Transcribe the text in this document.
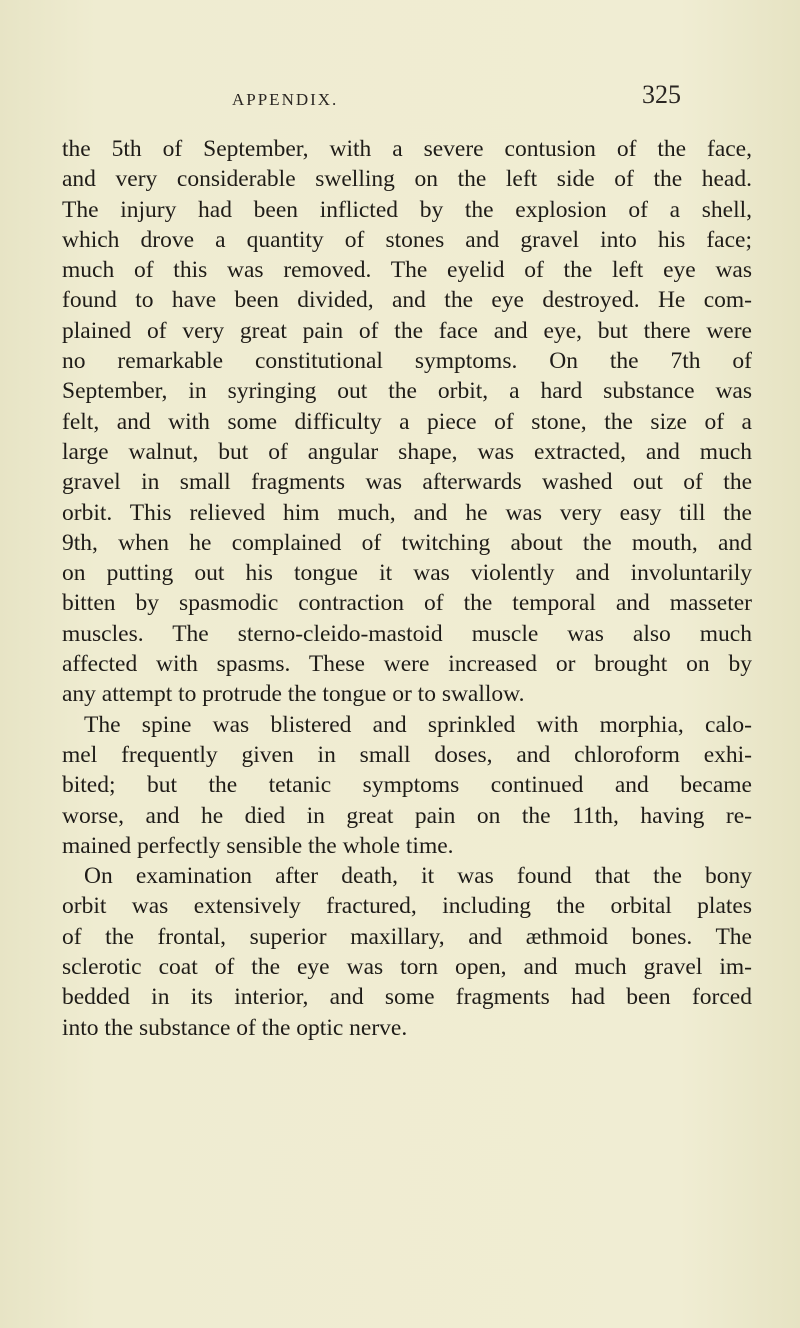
APPENDIX.	325
the 5th of September, with a severe contusion of the face,
and very considerable swelling on the left side of the head.
The injury had been inflicted by the explosion of a shell,
which drove a quantity of stones and gravel into his face;
much of this was removed. The eyelid of the left eye was
found to have been divided, and the eye destroyed. He com-
plained of very great pain of the face and eye, but there were
no remarkable constitutional symptoms. On the 7th of
September, in syringing out the orbit, a hard substance was
felt, and with some difficulty a piece of stone, the size of a
large walnut, but of angular shape, was extracted, and much
gravel in small fragments was afterwards washed out of the
orbit. This relieved him much, and he was very easy till the
9th, when he complained of twitching about the mouth, and
on putting out his tongue it was violently and involuntarily
bitten by spasmodic contraction of the temporal and masseter
muscles. The sterno-cleido-mastoid muscle was also much
affected with spasms. These were increased or brought on by
any attempt to protrude the tongue or to swallow.
The spine was blistered and sprinkled with morphia, calo-
mel frequently given in small doses, and chloroform exhi-
bited; but the tetanic symptoms continued and became
worse, and he died in great pain on the 11th, having re-
mained perfectly sensible the whole time.
On examination after death, it was found that the bony
orbit was extensively fractured, including the orbital plates
of the frontal, superior maxillary, and æthmoid bones. The
sclerotic coat of the eye was torn open, and much gravel im-
bedded in its interior, and some fragments had been forced
into the substance of the optic nerve.
